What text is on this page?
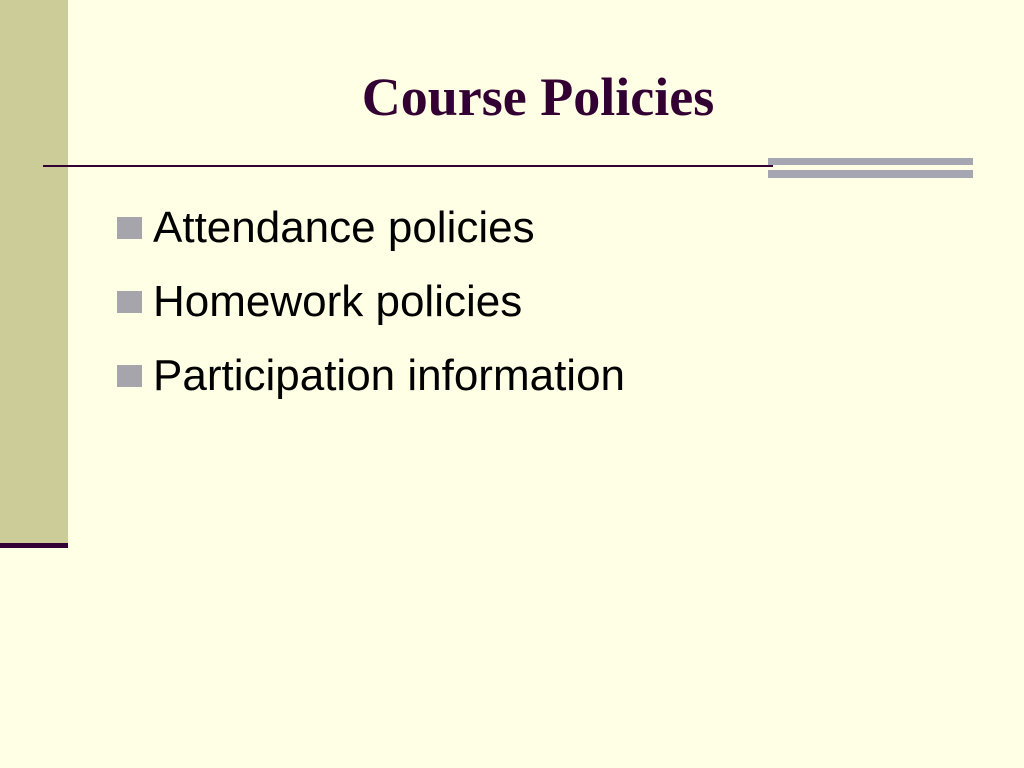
Course Policies
Attendance policies
Homework policies
Participation information
